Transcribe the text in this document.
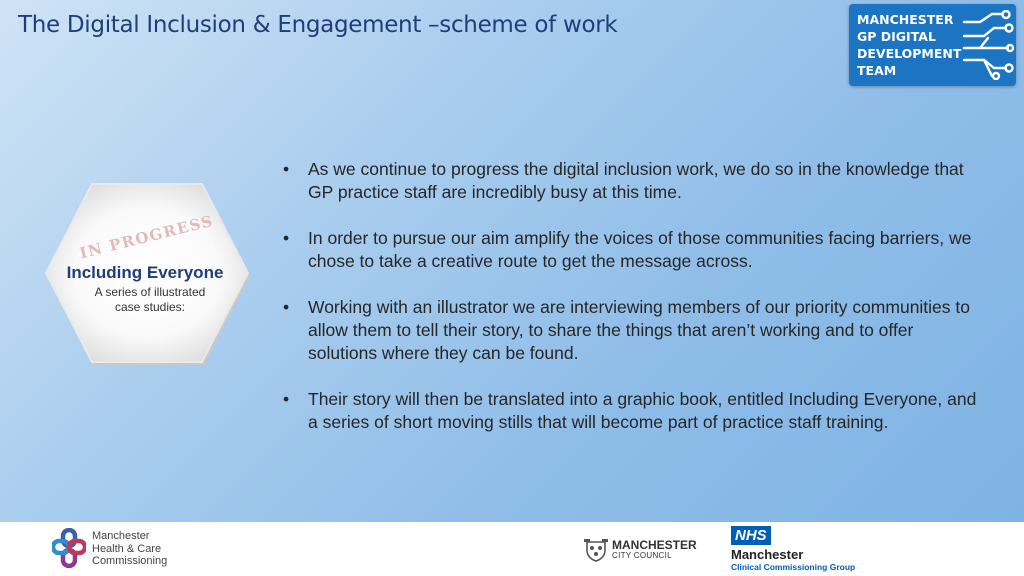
The Digital Inclusion & Engagement –scheme of work	MANCHESTER
GP DIGITAL
DEVELOPMENT
TEAM
IN PROGRESS
Including Everyone
A series of illustrated
case studies:
• As we continue to progress the digital inclusion work, we do so in the knowledge that GP practice staff are incredibly busy at this time.
• In order to pursue our aim amplify the voices of those communities facing barriers, we chose to take a creative route to get the message across.
• Working with an illustrator we are interviewing members of our priority communities to allow them to tell their story, to share the things that aren’t working and to offer solutions where they can be found.
• Their story will then be translated into a graphic book, entitled Including Everyone, and a series of short moving stills that will become part of practice staff training.
Manchester
Health & Care
Commissioning
MANCHESTER
CITY COUNCIL
NHS
Manchester
Clinical Commissioning Group
